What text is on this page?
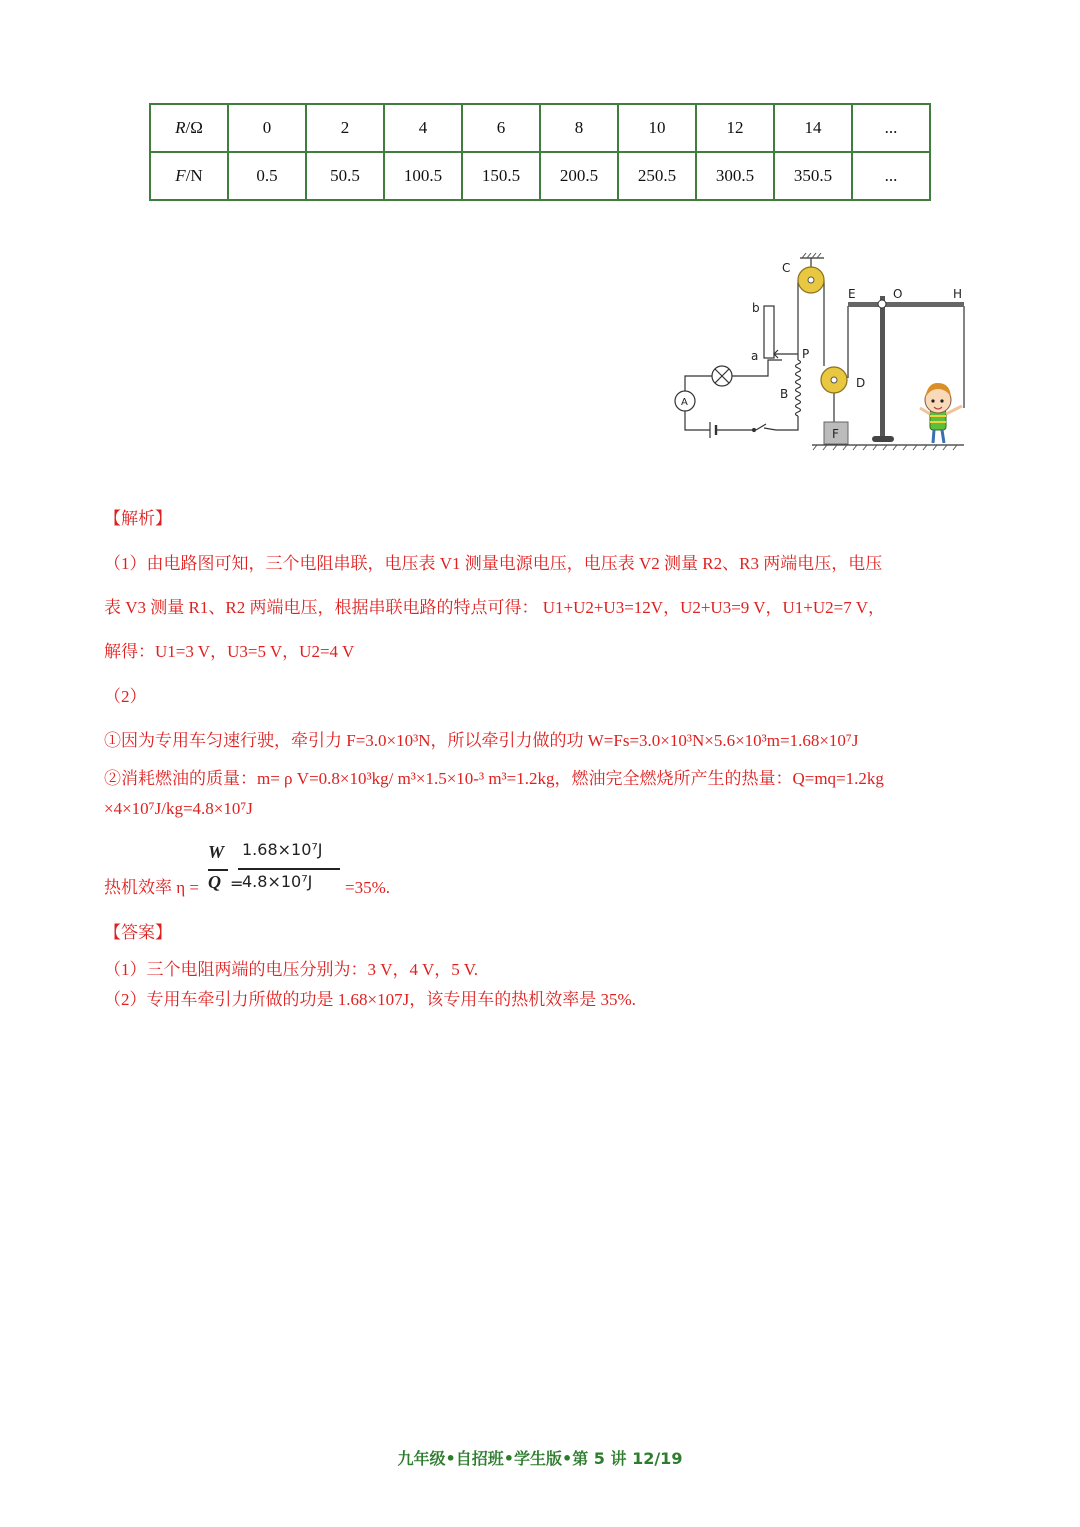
R/Ω	0	2	4	6	8	10	12	14	...
F/N	0.5	50.5	100.5	150.5	200.5	250.5	300.5	350.5	...
C
b
a	P
B
D
E	O	H
F
A
【解析】
（1）由电路图可知，三个电阻串联，电压表 V1 测量电源电压，电压表 V2 测量 R2、R3 两端电压，电压
表 V3 测量 R1、R2 两端电压，根据串联电路的特点可得： U1+U2+U3=12V，U2+U3=9 V，U1+U2=7 V，
解得：U1=3 V，U3=5 V，U2=4 V
（2）
①因为专用车匀速行驶，牵引力 F=3.0×10³N，所以牵引力做的功 W=Fs=3.0×10³N×5.6×10³m=1.68×10⁷J
②消耗燃油的质量：m= ρ V=0.8×10³kg/ m³×1.5×10-³ m³=1.2kg，燃油完全燃烧所产生的热量：Q=mq=1.2kg
×4×10⁷J/kg=4.8×10⁷J
热机效率 η =
W
Q =
1.68×10⁷J
4.8×10⁷J =35%.
【答案】
（1）三个电阻两端的电压分别为：3 V，4 V，5 V.
（2）专用车牵引力所做的功是 1.68×107J，该专用车的热机效率是 35%.
九年级•自招班•学生版•第 5 讲 12/19
